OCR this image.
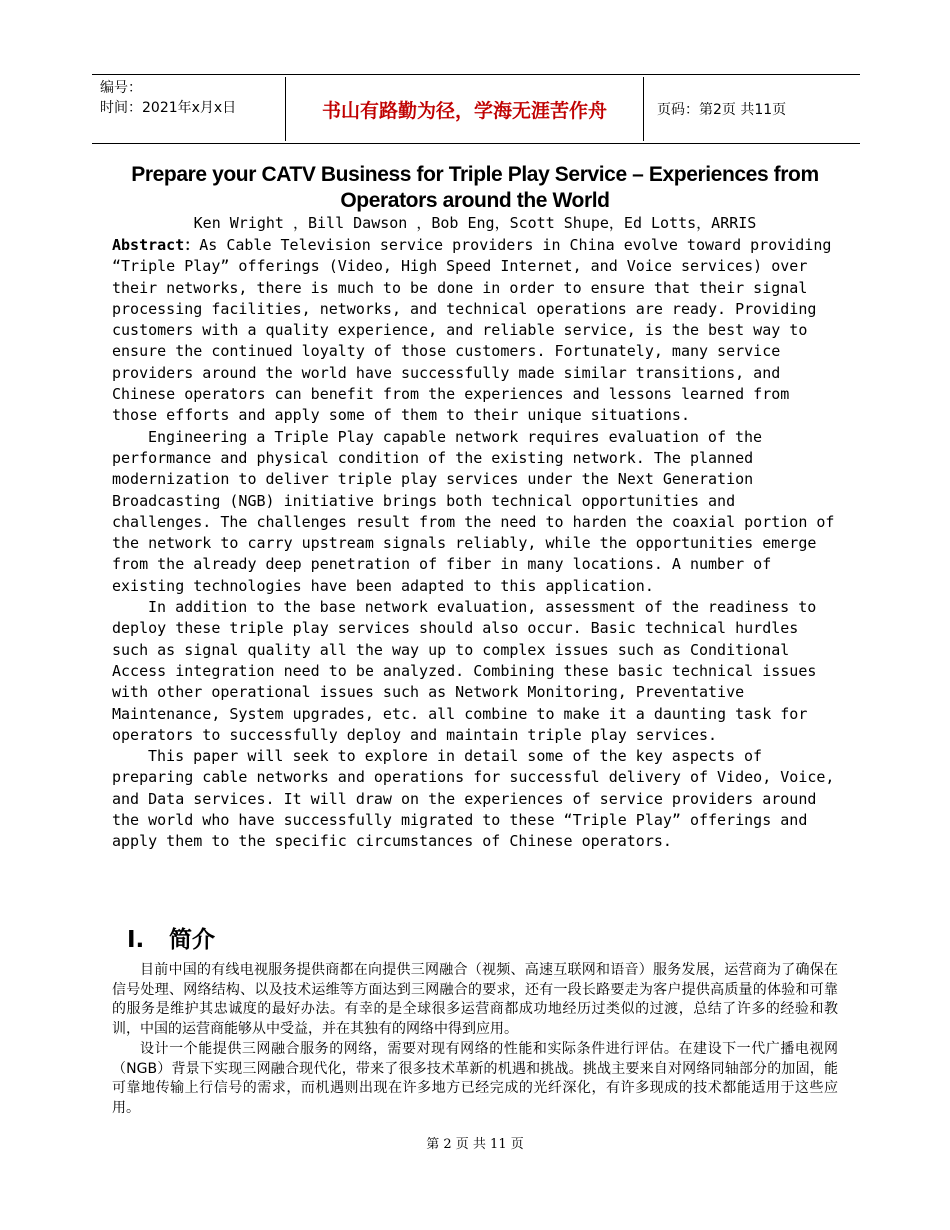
编号：
时间：2021年x月x日	书山有路勤为径，学海无涯苦作舟	页码：第2页 共11页
Prepare your CATV Business for Triple Play Service – Experiences from Operators around the World
Ken Wright ，Bill Dawson ，Bob Eng，Scott Shupe，Ed Lotts，ARRIS

Abstract：As Cable Television service providers in China evolve toward providing “Triple Play” offerings (Video, High Speed Internet, and Voice services) over their networks, there is much to be done in order to ensure that their signal processing facilities, networks, and technical operations are ready. Providing customers with a quality experience, and reliable service, is the best way to ensure the continued loyalty of those customers. Fortunately, many service providers around the world have successfully made similar transitions, and Chinese operators can benefit from the experiences and lessons learned from those efforts and apply some of them to their unique situations.

Engineering a Triple Play capable network requires evaluation of the performance and physical condition of the existing network. The planned modernization to deliver triple play services under the Next Generation Broadcasting (NGB) initiative brings both technical opportunities and challenges. The challenges result from the need to harden the coaxial portion of the network to carry upstream signals reliably, while the opportunities emerge from the already deep penetration of fiber in many locations. A number of existing technologies have been adapted to this application.

In addition to the base network evaluation, assessment of the readiness to deploy these triple play services should also occur. Basic technical hurdles such as signal quality all the way up to complex issues such as Conditional Access integration need to be analyzed. Combining these basic technical issues with other operational issues such as Network Monitoring, Preventative Maintenance, System upgrades, etc. all combine to make it a daunting task for operators to successfully deploy and maintain triple play services.

This paper will seek to explore in detail some of the key aspects of preparing cable networks and operations for successful delivery of Video, Voice, and Data services. It will draw on the experiences of service providers around the world who have successfully migrated to these “Triple Play” offerings and apply them to the specific circumstances of Chinese operators.

I. 简介

目前中国的有线电视服务提供商都在向提供三网融合（视频、高速互联网和语音）服务发展，运营商为了确保在信号处理、网络结构、以及技术运维等方面达到三网融合的要求，还有一段长路要走为客户提供高质量的体验和可靠的服务是维护其忠诚度的最好办法。有幸的是全球很多运营商都成功地经历过类似的过渡，总结了许多的经验和教训，中国的运营商能够从中受益，并在其独有的网络中得到应用。

设计一个能提供三网融合服务的网络，需要对现有网络的性能和实际条件进行评估。在建设下一代广播电视网（NGB）背景下实现三网融合现代化，带来了很多技术革新的机遇和挑战。挑战主要来自对网络同轴部分的加固，能可靠地传输上行信号的需求，而机遇则出现在许多地方已经完成的光纤深化，有许多现成的技术都能适用于这些应用。

第 2 页 共 11 页
